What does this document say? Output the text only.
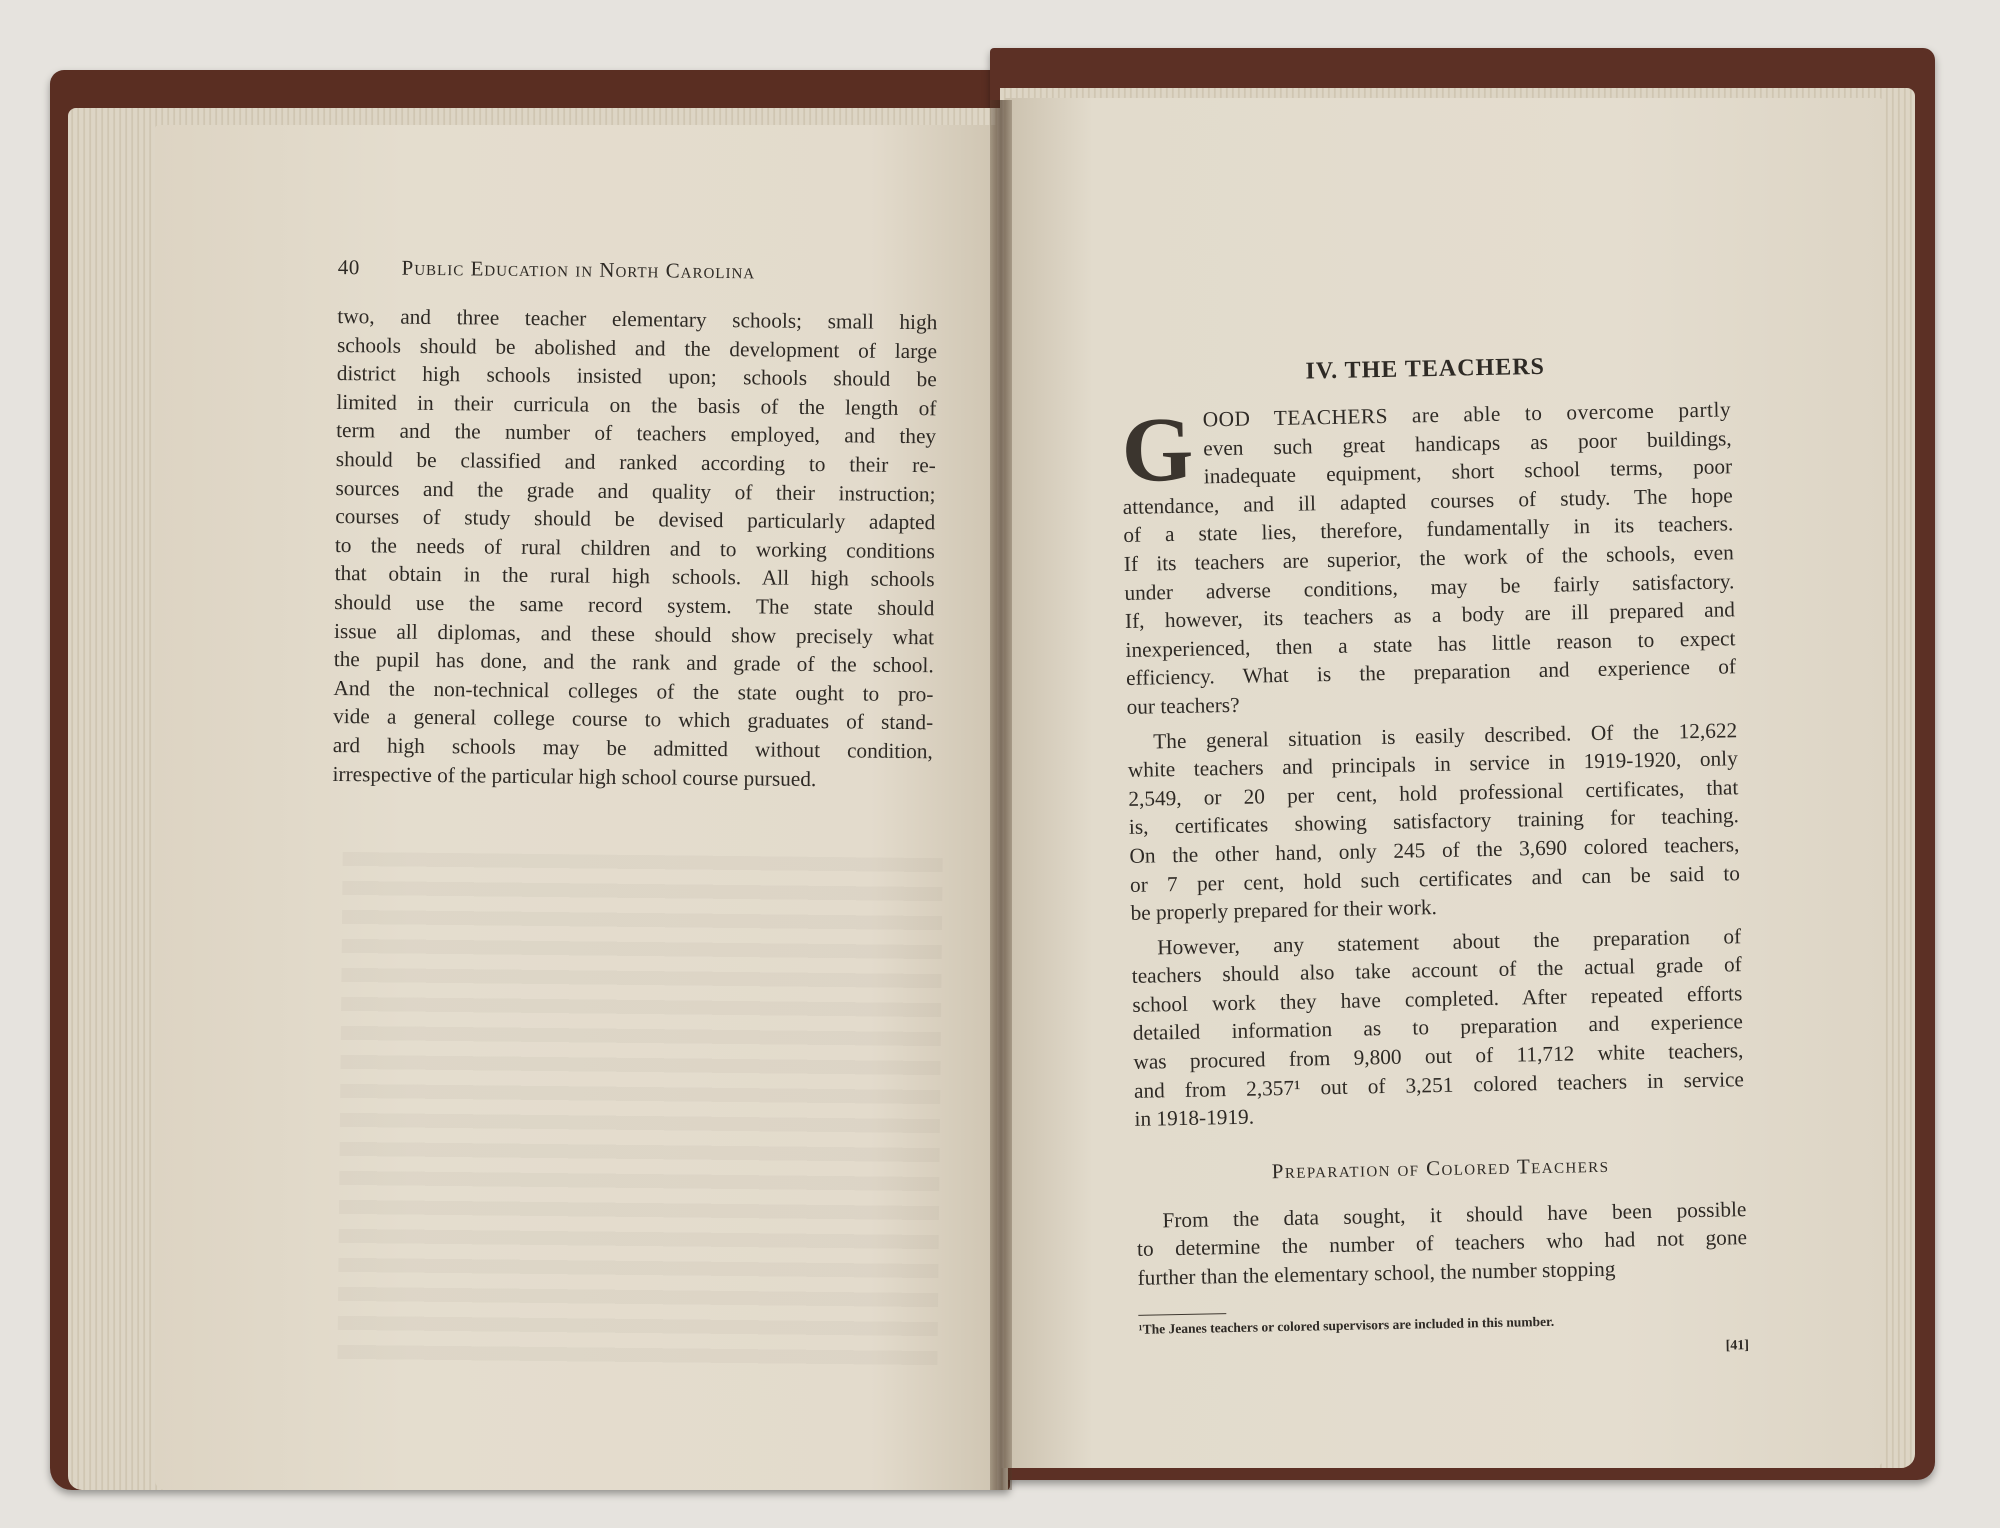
40 Public Education in North Carolina
two, and three teacher elementary schools; small high
schools should be abolished and the development of large
district high schools insisted upon; schools should be
limited in their curricula on the basis of the length of
term and the number of teachers employed, and they
should be classified and ranked according to their re-
sources and the grade and quality of their instruction;
courses of study should be devised particularly adapted
to the needs of rural children and to working conditions
that obtain in the rural high schools. All high schools
should use the same record system. The state should
issue all diplomas, and these should show precisely what
the pupil has done, and the rank and grade of the school.
And the non-technical colleges of the state ought to pro-
vide a general college course to which graduates of stand-
ard high schools may be admitted without condition,
irrespective of the particular high school course pursued.
IV. THE TEACHERS
G OOD TEACHERS are able to overcome partly
even such great handicaps as poor buildings,
inadequate equipment, short school terms, poor
attendance, and ill adapted courses of study. The hope
of a state lies, therefore, fundamentally in its teachers.
If its teachers are superior, the work of the schools, even
under adverse conditions, may be fairly satisfactory.
If, however, its teachers as a body are ill prepared and
inexperienced, then a state has little reason to expect
efficiency. What is the preparation and experience of
our teachers?
The general situation is easily described. Of the 12,622
white teachers and principals in service in 1919-1920, only
2,549, or 20 per cent, hold professional certificates, that
is, certificates showing satisfactory training for teaching.
On the other hand, only 245 of the 3,690 colored teachers,
or 7 per cent, hold such certificates and can be said to
be properly prepared for their work.
However, any statement about the preparation of
teachers should also take account of the actual grade of
school work they have completed. After repeated efforts
detailed information as to preparation and experience
was procured from 9,800 out of 11,712 white teachers,
and from 2,357¹ out of 3,251 colored teachers in service
in 1918-1919.
Preparation of Colored Teachers
From the data sought, it should have been possible
to determine the number of teachers who had not gone
further than the elementary school, the number stopping
¹The Jeanes teachers or colored supervisors are included in this number.
[41]
